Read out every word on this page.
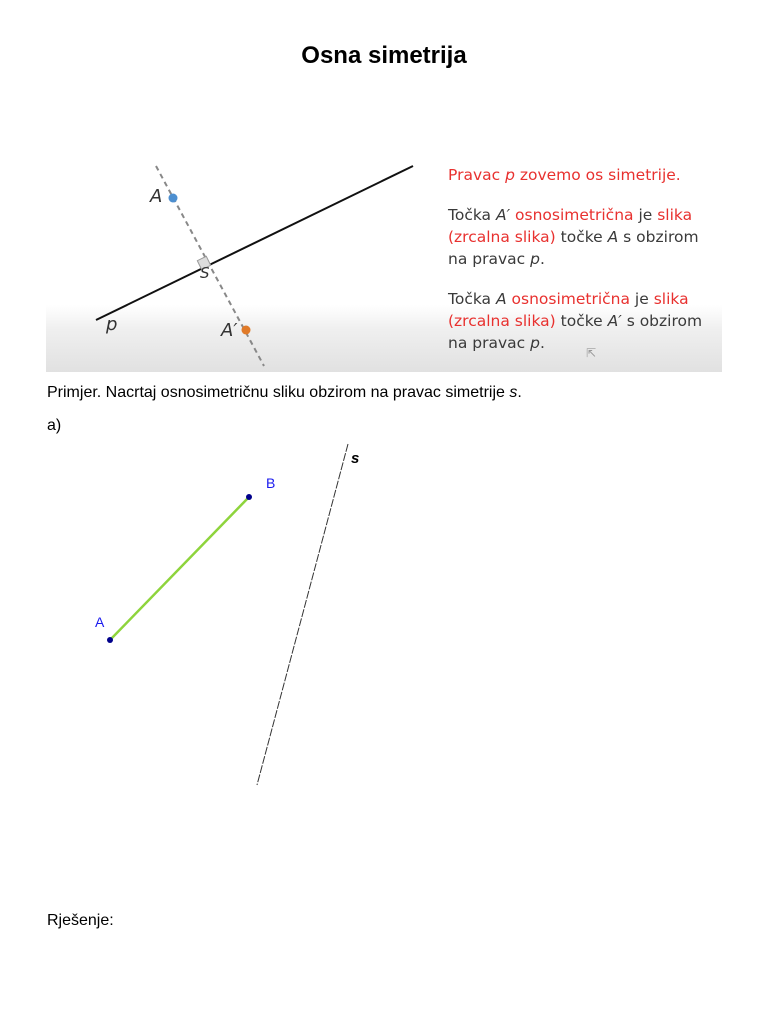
Osna simetrija
A
S
p	A′

Pravac p zovemo os simetrije.

Točka A′ osnosimetrična je slika (zrcalna slika) točke A s obzirom na pravac p.

Točka A osnosimetrična je slika (zrcalna slika) točke A′ s obzirom na pravac p.

⇱

Primjer. Nacrtaj osnosimetričnu sliku obzirom na pravac simetrije s.

a)

A
B
s

Rješenje:
